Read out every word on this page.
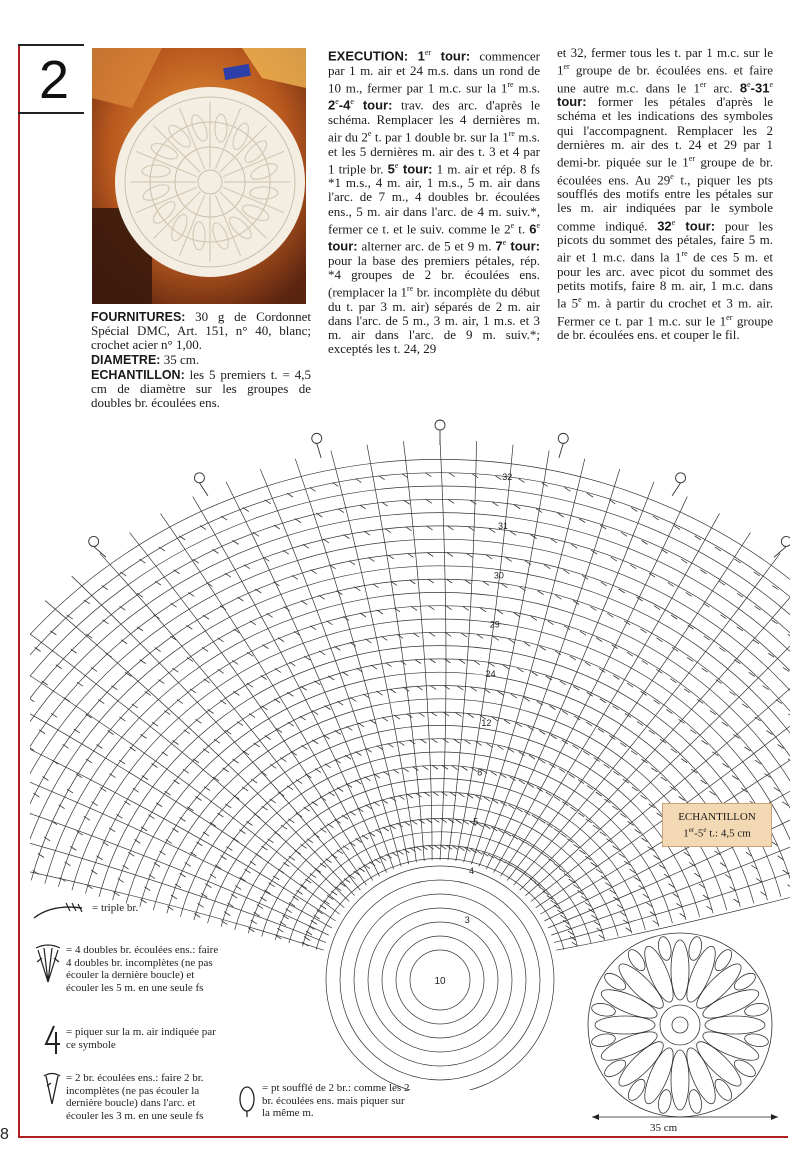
2
8

FOURNITURES: 30 g de Cordonnet Spécial DMC, Art. 151, n° 40, blanc; crochet acier n° 1,00.

DIAMETRE: 35 cm.

ECHANTILLON: les 5 premiers t. = 4,5 cm de diamètre sur les groupes de doubles br. écoulées ens.

EXECUTION: 1er tour: commencer par 1 m. air et 24 m.s. dans un rond de 10 m., fermer par 1 m.c. sur la 1re m.s. 2e-4e tour: trav. des arc. d'après le schéma. Remplacer les 4 dernières m. air du 2e t. par 1 double br. sur la 1re m.s. et les 5 dernières m. air des t. 3 et 4 par 1 triple br. 5e tour: 1 m. air et rép. 8 fs *1 m.s., 4 m. air, 1 m.s., 5 m. air dans l'arc. de 7 m., 4 doubles br. écoulées ens., 5 m. air dans l'arc. de 4 m. suiv.*, fermer ce t. et le suiv. comme le 2e t. 6e tour: alterner arc. de 5 et 9 m. 7e tour: pour la base des premiers pétales, rép. *4 groupes de 2 br. écoulées ens. (remplacer la 1re br. incomplète du début du t. par 3 m. air) séparés de 2 m. air dans l'arc. de 5 m., 3 m. air, 1 m.s. et 3 m. air dans l'arc. de 9 m. suiv.*; exceptés les t. 24, 29
et 32, fermer tous les t. par 1 m.c. sur le 1er groupe de br. écoulées ens. et faire une autre m.c. dans le 1er arc. 8e-31e tour: former les pétales d'après le schéma et les indications des symboles qui l'accompagnent. Remplacer les 2 dernières m. air des t. 24 et 29 par 1 demi-br. piquée sur le 1er groupe de br. écoulées ens. Au 29e t., piquer les pts soufflés des motifs entre les pétales sur les m. air indiquées par le symbole comme indiqué. 32e tour: pour les picots du sommet des pétales, faire 5 m. air et 1 m.c. dans la 1re de ces 5 m. et pour les arc. avec picot du sommet des petits motifs, faire 8 m. air, 1 m.c. dans la 5e m. à partir du crochet et 3 m. air. Fermer ce t. par 1 m.c. sur le 1er groupe de br. écoulées ens. et couper le fil.
10
3
4
5
8
12
24
29
30
31
32
ECHANTILLON
1er-5e t.: 4,5 cm
= triple br.
= 4 doubles br. écoulées ens.: faire 4 doubles br. incomplètes (ne pas écouler la dernière boucle) et écouler les 5 m. en une seule fs
= piquer sur la m. air indiquée par ce symbole
= 2 br. écoulées ens.: faire 2 br. incomplètes (ne pas écouler la dernière boucle) dans l'arc. et écouler les 3 m. en une seule fs
= pt soufflé de 2 br.: comme les 2 br. écoulées ens. mais piquer sur la même m.
35 cm
